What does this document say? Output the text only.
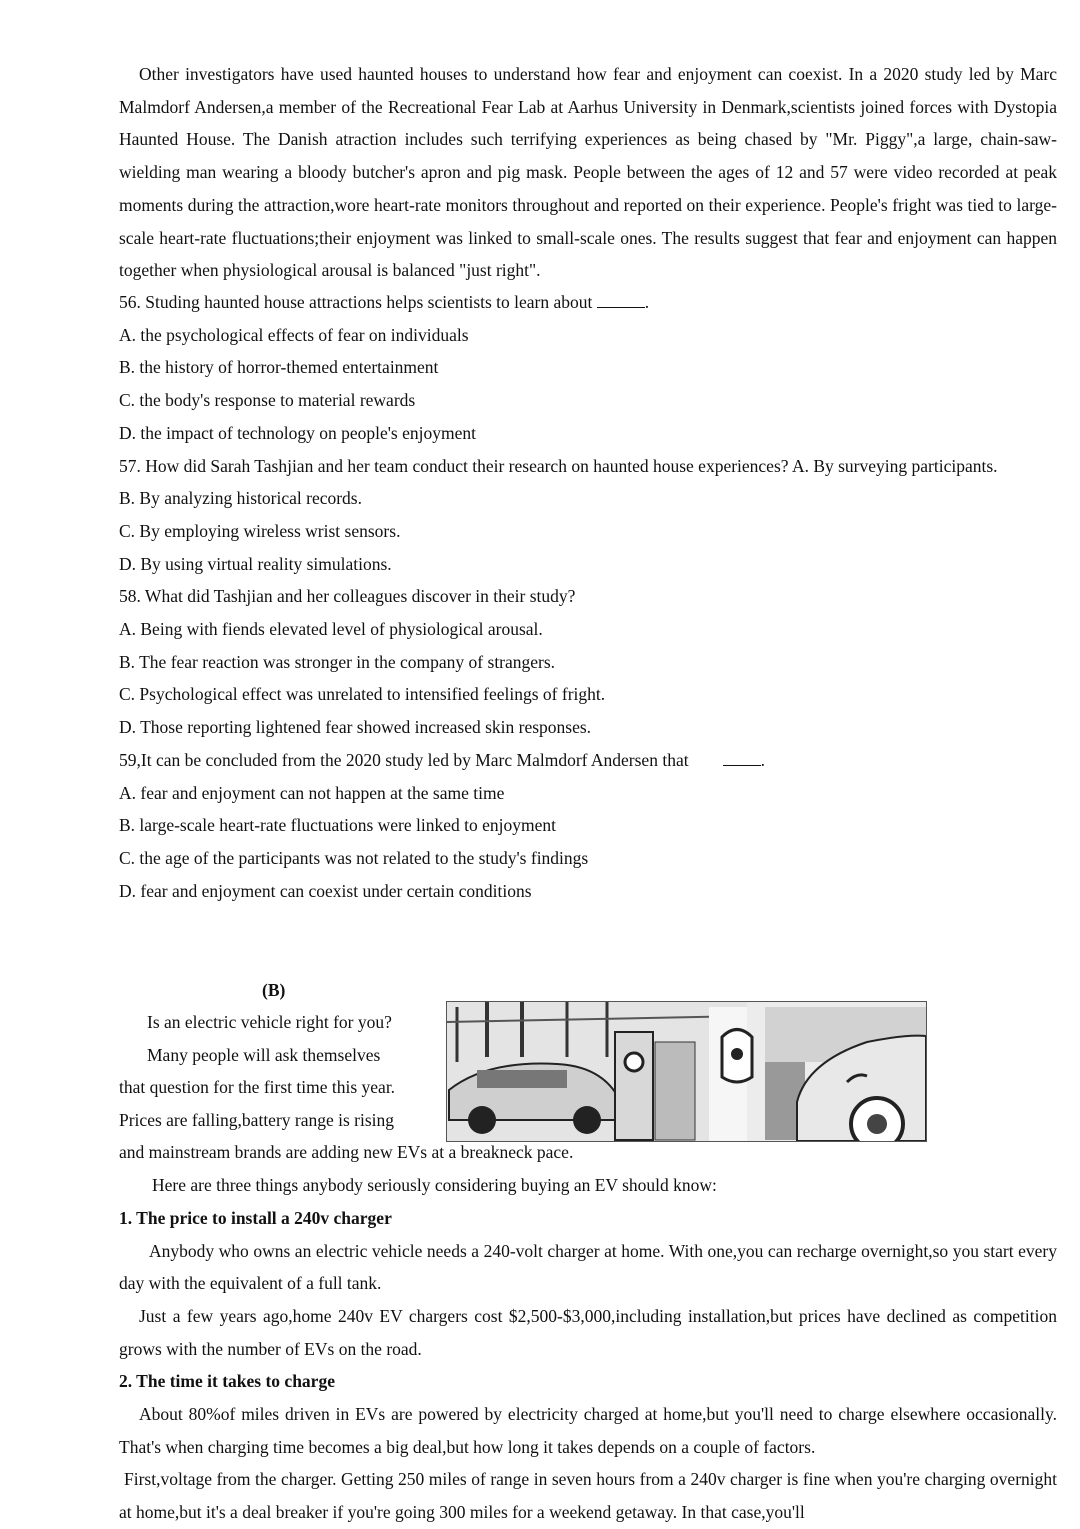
Other investigators have used haunted houses to understand how fear and enjoyment can coexist. In a 2020 study led by Marc Malmdorf Andersen,a member of the Recreational Fear Lab at Aarhus University in Denmark,scientists joined forces with Dystopia Haunted House. The Danish atraction includes such terrifying experiences as being chased by "Mr. Piggy",a large, chain-saw-wielding man wearing a bloody butcher's apron and pig mask. People between the ages of 12 and 57 were video recorded at peak moments during the attraction,wore heart-rate monitors throughout and reported on their experience. People's fright was tied to large-scale heart-rate fluctuations;their enjoyment was linked to small-scale ones. The results suggest that fear and enjoyment can happen together when physiological arousal is balanced "just right".

56. Studing haunted house attractions helps scientists to learn about	.

A. the psychological effects of fear on individuals

B. the history of horror-themed entertainment

C. the body's response to material rewards

D. the impact of technology on people's enjoyment

57. How did Sarah Tashjian and her team conduct their research on haunted house experiences? A. By surveying participants.

B. By analyzing historical records.

C. By employing wireless wrist sensors.

D. By using virtual reality simulations.

58. What did Tashjian and her colleagues discover in their study?

A. Being with fiends elevated level of physiological arousal.

B. The fear reaction was stronger in the company of strangers.

C. Psychological effect was unrelated to intensified feelings of fright.

D. Those reporting lightened fear showed increased skin responses.

59,It can be concluded from the 2020 study led by Marc Malmdorf Andersen that	.

A. fear and enjoyment can not happen at the same time

B. large-scale heart-rate fluctuations were linked to enjoyment

C. the age of the participants was not related to the study's findings

D. fear and enjoyment can coexist under certain conditions

(B)

Is an electric vehicle right for you?

Many people will ask themselves

that question for the first time this year.

Prices are falling,battery range is rising

and mainstream brands are adding new EVs at a breakneck pace.

Here are three things anybody seriously considering buying an EV should know:

1. The price to install a 240v charger

Anybody who owns an electric vehicle needs a 240-volt charger at home. With one,you can recharge overnight,so you start every day with the equivalent of a full tank.

Just a few years ago,home 240v EV chargers cost $2,500-$3,000,including installation,but prices have declined as competition grows with the number of EVs on the road.

2. The time it takes to charge

About 80%of miles driven in EVs are powered by electricity charged at home,but you'll need to charge elsewhere occasionally. That's when charging time becomes a big deal,but how long it takes depends on a couple of factors.

First,voltage from the charger. Getting 250 miles of range in seven hours from a 240v charger is fine when you're charging overnight at home,but it's a deal breaker if you're going 300 miles for a weekend getaway. In that case,you'll
